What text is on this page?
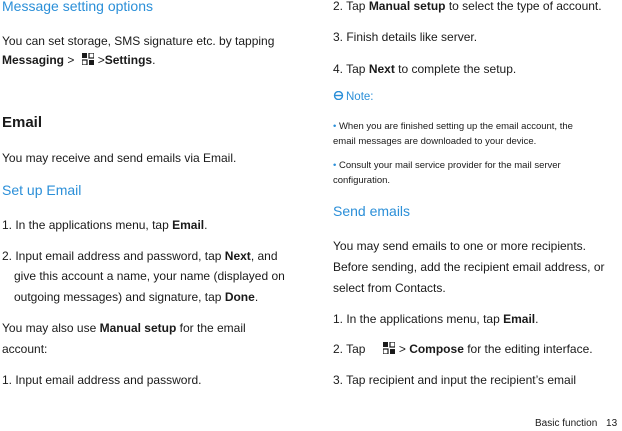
Message setting options
You can set storage, SMS signature etc. by tapping
Messaging > >Settings.
Email
You may receive and send emails via Email.
Set up Email
1. In the applications menu, tap Email.
2. Input email address and password, tap Next, and
give this account a name, your name (displayed on
outgoing messages) and signature, tap Done.
You may also use Manual setup for the email
account:
1. Input email address and password.
2. Tap Manual setup to select the type of account.
3. Finish details like server.
4. Tap Next to complete the setup.
Note:
• When you are finished setting up the email account, the
email messages are downloaded to your device.
• Consult your mail service provider for the mail server
configuration.
Send emails
You may send emails to one or more recipients.
Before sending, add the recipient email address, or
select from Contacts.
1. In the applications menu, tap Email.
2. Tap	> Compose for the editing interface.
3. Tap recipient and input the recipient’s email
Basic function 13
